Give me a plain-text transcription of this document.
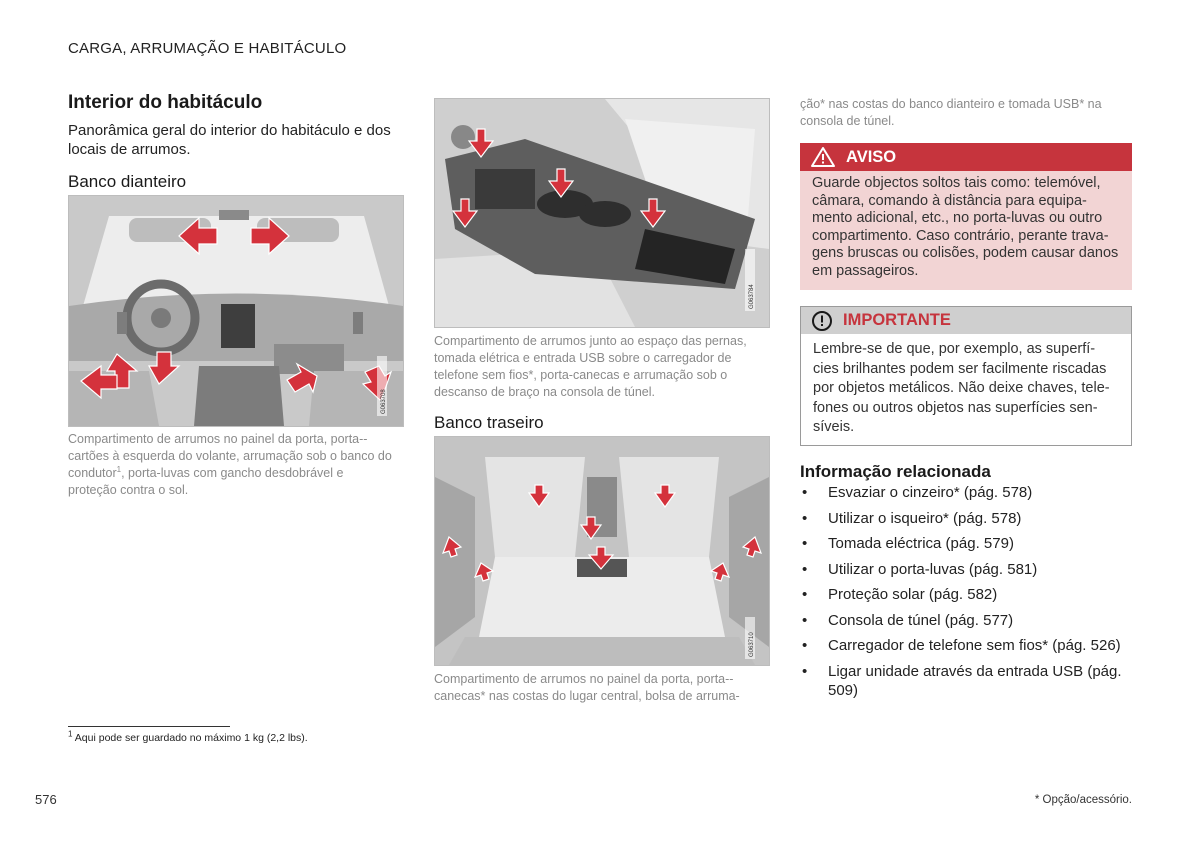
CARGA, ARRUMAÇÃO E HABITÁCULO
Interior do habitáculo
Panorâmica geral do interior do habitáculo e dos locais de arrumos.
Banco dianteiro
G063708
Compartimento de arrumos no painel da porta, porta--cartões à esquerda do volante, arrumação sob o banco do condutor$^1$, porta-luvas com gancho desdobrável e proteção contra o sol.
G063784
Compartimento de arrumos junto ao espaço das pernas, tomada elétrica e entrada USB sobre o carregador de telefone sem fios*, porta-canecas e arrumação sob o descanso de braço na consola de túnel.
Banco traseiro
G063710
Compartimento de arrumos no painel da porta, porta--canecas* nas costas do lugar central, bolsa de arruma-
ção* nas costas do banco dianteiro e tomada USB* na consola de túnel.
AVISO
Guarde objectos soltos tais como: telemóvel, câmara, comando à distância para equipa-mento adicional, etc., no porta-luvas ou outro compartimento. Caso contrário, perante trava-gens bruscas ou colisões, podem causar danos em passageiros.
IMPORTANTE
Lembre-se de que, por exemplo, as superfí-cies brilhantes podem ser facilmente riscadas por objetos metálicos. Não deixe chaves, tele-fones ou outros objetos nas superfícies sen-síveis.
Informação relacionada
• Esvaziar o cinzeiro* (pág. 578)
• Utilizar o isqueiro* (pág. 578)
• Tomada eléctrica (pág. 579)
• Utilizar o porta-luvas (pág. 581)
• Proteção solar (pág. 582)
• Consola de túnel (pág. 577)
• Carregador de telefone sem fios* (pág. 526)
• Ligar unidade através da entrada USB (pág. 509)
$^1$ Aqui pode ser guardado no máximo 1 kg (2,2 lbs).
576	* Opção/acessório.
